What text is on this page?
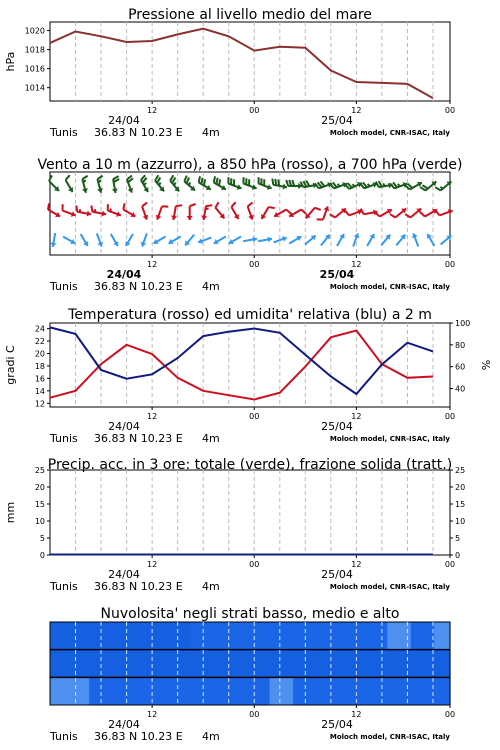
Pressione al livello medio del mare
12	00	12	00
24/04	25/04
Tunis 36.83 N 10.23 E 4m	Moloch model, CNR-ISAC, Italy
1014
1016
1018
1020
hPa
Vento a 10 m (azzurro), a 850 hPa (rosso), a 700 hPa (verde)
12	00	12	00
24/04	25/04
Tunis 36.83 N 10.23 E 4m	Moloch model, CNR-ISAC, Italy
Temperatura (rosso) ed umidita' relativa (blu) a 2 m
12	00	12	00
24/04	25/04
Tunis 36.83 N 10.23 E 4m	Moloch model, CNR-ISAC, Italy
12
14
16
18
20
22
24
40
60
80
100
gradi C	%
Precip. acc. in 3 ore: totale (verde), frazione solida (tratt.)
12	00	12	00
24/04	25/04
Tunis 36.83 N 10.23 E 4m	Moloch model, CNR-ISAC, Italy
0	0
5	5
10	10
15	15
20	20
25	25
mm
Nuvolosita' negli strati basso, medio e alto
12	00	12	00
24/04	25/04
Tunis 36.83 N 10.23 E 4m	Moloch model, CNR-ISAC, Italy
